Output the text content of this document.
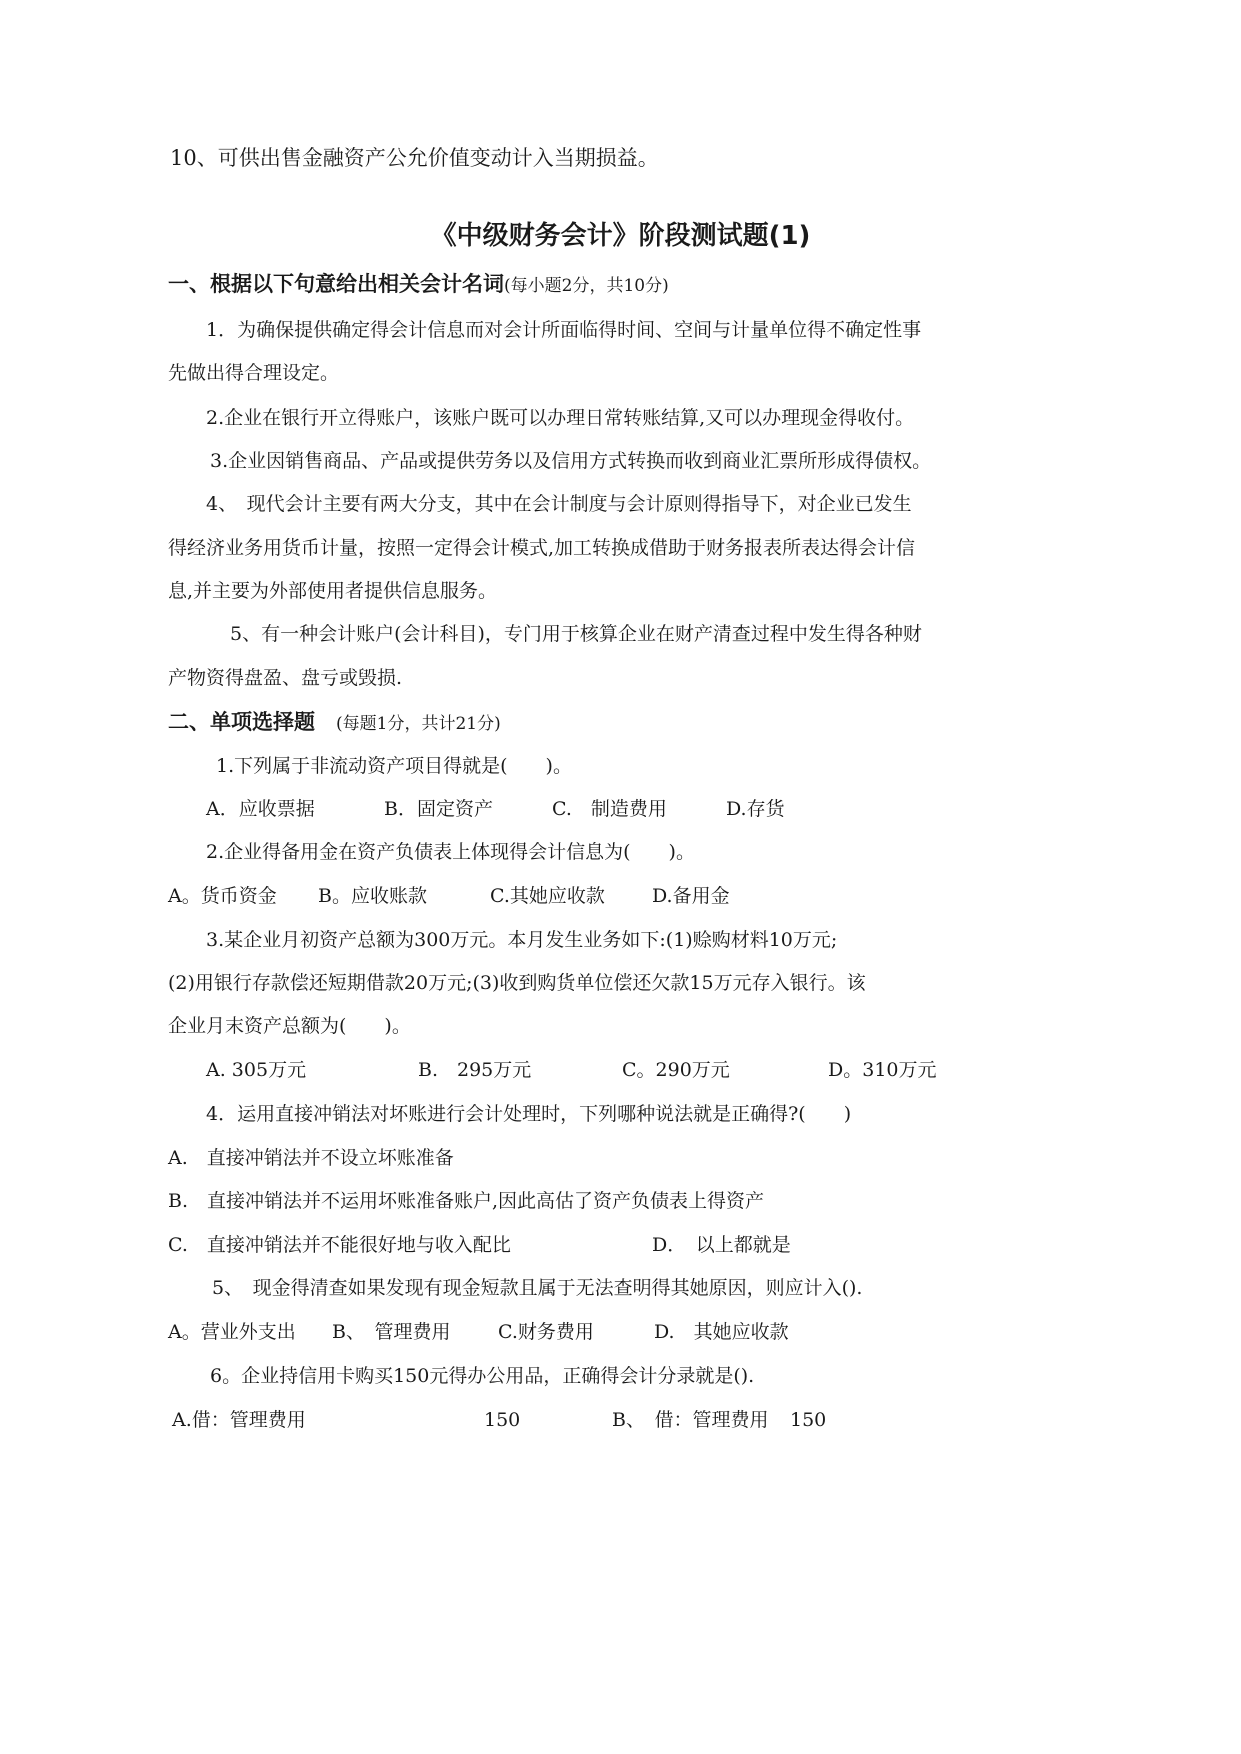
10、可供出售金融资产公允价值变动计入当期损益。
《中级财务会计》阶段测试题(1)
一、根据以下句意给出相关会计名词(每小题2分，共10分)
1．为确保提供确定得会计信息而对会计所面临得时间、空间与计量单位得不确定性事
先做出得合理设定。
2.企业在银行开立得账户，该账户既可以办理日常转账结算,又可以办理现金得收付。
3.企业因销售商品、产品或提供劳务以及信用方式转换而收到商业汇票所形成得债权。
4、　现代会计主要有两大分支，其中在会计制度与会计原则得指导下，对企业已发生
得经济业务用货币计量，按照一定得会计模式,加工转换成借助于财务报表所表达得会计信
息,并主要为外部使用者提供信息服务。
5、有一种会计账户(会计科目)，专门用于核算企业在财产清查过程中发生得各种财
产物资得盘盈、盘亏或毁损.
二、单项选择题　 (每题1分，共计21分)
1.下列属于非流动资产项目得就是(　　)。
A．应收票据	B．固定资产	C.　制造费用	D.存货
2.企业得备用金在资产负债表上体现得会计信息为(　　)。
A。货币资金 B。应收账款	C.其她应收款 D.备用金
3.某企业月初资产总额为300万元。本月发生业务如下:(1)赊购材料10万元;
(2)用银行存款偿还短期借款20万元;(3)收到购货单位偿还欠款15万元存入银行。该
企业月末资产总额为(　　)。
A. 305万元	B.　295万元	C。290万元	D。310万元
4．运用直接冲销法对坏账进行会计处理时，下列哪种说法就是正确得?(　　)
A.　直接冲销法并不设立坏账准备
B.　直接冲销法并不运用坏账准备账户,因此高估了资产负债表上得资产
C.　直接冲销法并不能很好地与收入配比	D．　以上都就是
5、　现金得清查如果发现有现金短款且属于无法查明得其她原因，则应计入().
A。营业外支出 B、　管理费用	C.财务费用	D.　其她应收款
6。企业持信用卡购买150元得办公用品，正确得会计分录就是().
A.借：管理费用	150	B、　借：管理费用 150
